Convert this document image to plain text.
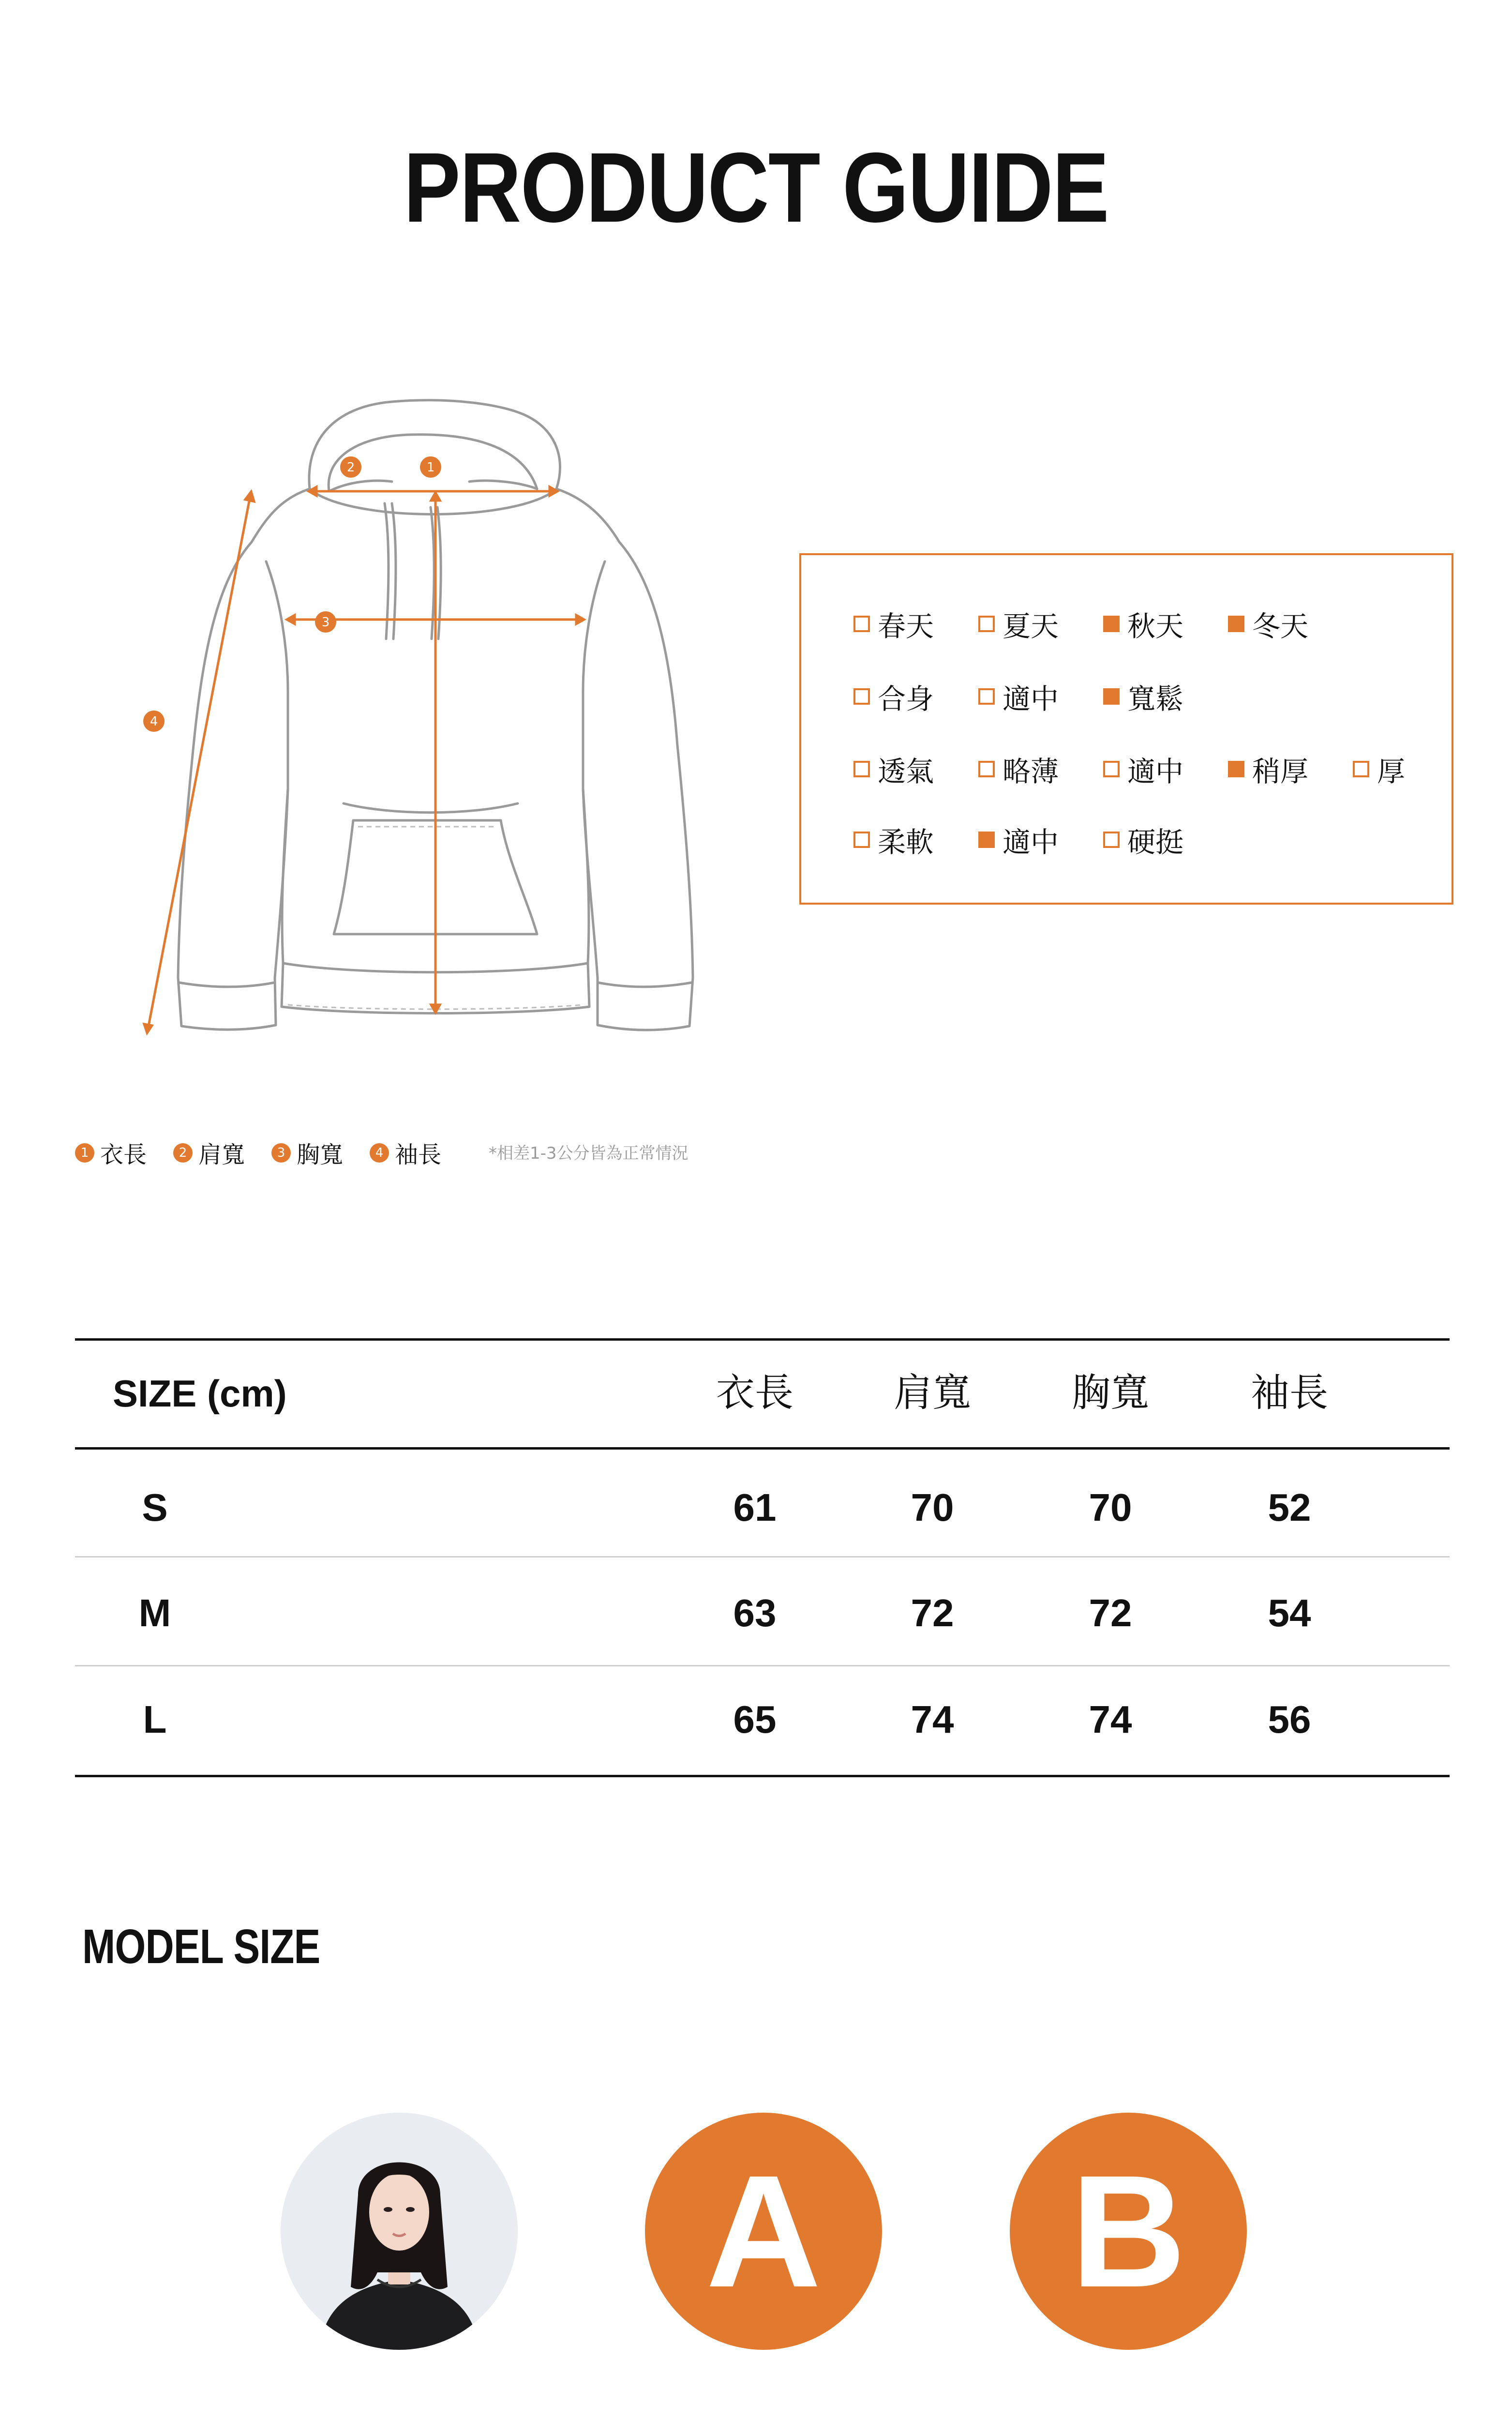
PRODUCT GUIDE
1
2
3
4
春天 夏天 秋天 冬天
合身 適中 寬鬆
透氣 略薄 適中 稍厚 厚
柔軟 適中 硬挺
1 衣長	2 肩寬	3 胸寬	4 袖長	*相差1-3公分皆為正常情況
SIZE (cm)	衣長	肩寬	胸寬	袖長
S	61	70	70	52
M	63	72	72	54
L	65	74	74	56
MODEL SIZE
A	B
